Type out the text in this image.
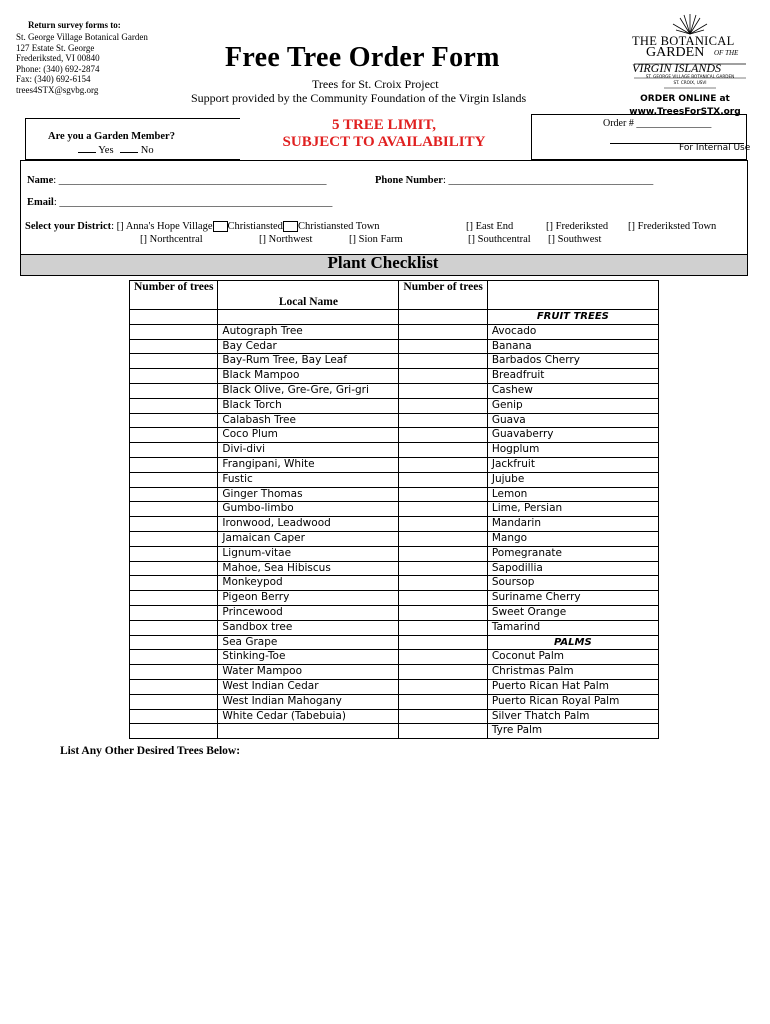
Return survey forms to:
St. George Village Botanical Garden
127 Estate St. George
Frederiksted, VI 00840
Phone: (340) 692-2874
Fax: (340) 692-6154
trees4STX@sgvbg.org
Free Tree Order Form
Trees for St. Croix Project
Support provided by the Community Foundation of the Virgin Islands
THE BOTANICAL
GARDEN OF THE
VIRGIN ISLANDS
ST. GEORGE VILLAGE BOTANICAL GARDEN
ST. CROIX, USVI
ORDER ONLINE at
www.TreesForSTX.org
Are you a Garden Member?
Yes	No
5 TREE LIMIT,
SUBJECT TO AVAILABILITY
Order # _______________
For Internal Use
Name: ___________________________________________________	Phone Number: _______________________________________
Email: ____________________________________________________
Select your District: [] Anna's Hope Village Christiansted Christiansted Town	[] East End	[] Frederiksted [] Frederiksted Town
[] Northcentral	[] Northwest	[] Sion Farm	[] Southcentral [] Southwest
Plant Checklist
Number of trees	Local Name	Number of trees	
			FRUIT TREES
	Autograph Tree		Avocado
	Bay Cedar		Banana
	Bay-Rum Tree, Bay Leaf		Barbados Cherry
	Black Mampoo		Breadfruit
	Black Olive, Gre-Gre, Gri-gri		Cashew
	Black Torch		Genip
	Calabash Tree		Guava
	Coco Plum		Guavaberry
	Divi-divi		Hogplum
	Frangipani, White		Jackfruit
	Fustic		Jujube
	Ginger Thomas		Lemon
	Gumbo-limbo		Lime, Persian
	Ironwood, Leadwood		Mandarin
	Jamaican Caper		Mango
	Lignum-vitae		Pomegranate
	Mahoe, Sea Hibiscus		Sapodillia
	Monkeypod		Soursop
	Pigeon Berry		Suriname Cherry
	Princewood		Sweet Orange
	Sandbox tree		Tamarind
	Sea Grape		PALMS
	Stinking-Toe		Coconut Palm
	Water Mampoo		Christmas Palm
	West Indian Cedar		Puerto Rican Hat Palm
	West Indian Mahogany		Puerto Rican Royal Palm
	White Cedar (Tabebuia)		Silver Thatch Palm
			Tyre Palm
List Any Other Desired Trees Below:
